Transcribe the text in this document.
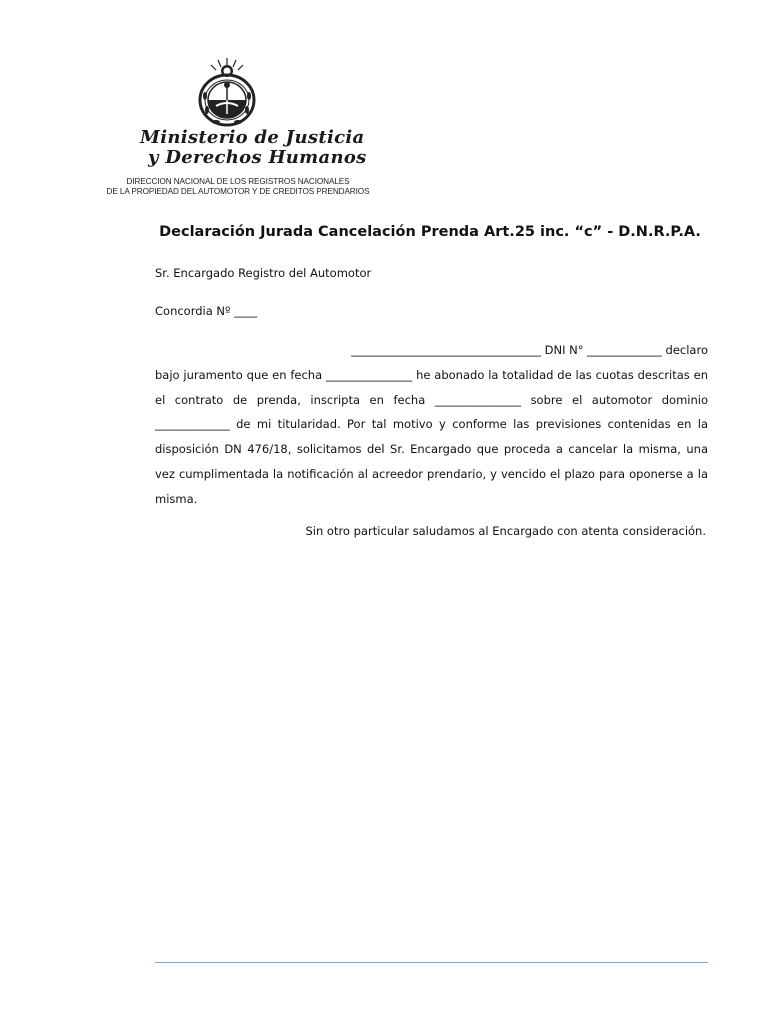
Ministerio de Justicia
y Derechos Humanos
DIRECCION NACIONAL DE LOS REGISTROS NACIONALES
DE LA PROPIEDAD DEL AUTOMOTOR Y DE CREDITOS PRENDARIOS
Declaración Jurada Cancelación Prenda Art.25 inc. “c” - D.N.R.P.A.
Sr. Encargado Registro del Automotor
Concordia Nº ____
_________________________________ DNI N° _____________ declaro
bajo juramento que en fecha _______________ he abonado la totalidad de las cuotas descritas en el contrato de prenda, inscripta en fecha _______________ sobre el automotor dominio _____________ de mi titularidad. Por tal motivo y conforme las previsiones contenidas en la disposición DN 476/18, solicitamos del Sr. Encargado que proceda a cancelar la misma, una vez cumplimentada la notificación al acreedor prendario, y vencido el plazo para oponerse a la misma.
Sin otro particular saludamos al Encargado con atenta consideración.
